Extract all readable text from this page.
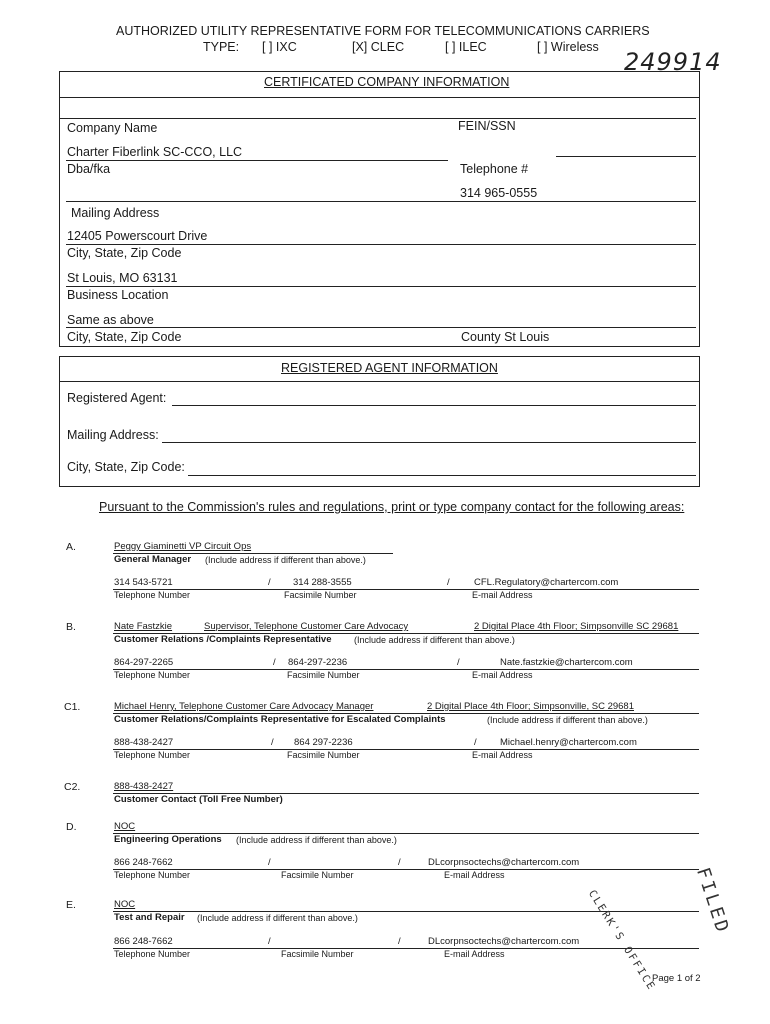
AUTHORIZED UTILITY REPRESENTATIVE FORM FOR TELECOMMUNICATIONS CARRIERS
TYPE: [ ] IXC	[X] CLEC	[ ] ILEC	[ ] Wireless
249914
CERTIFICATED COMPANY INFORMATION
Company Name	FEIN/SSN
Charter Fiberlink SC-CCO, LLC
Dba/fka	Telephone #
314 965-0555
Mailing Address
12405 Powerscourt Drive
City, State, Zip Code
St Louis, MO 63131
Business Location
Same as above
City, State, Zip Code	County St Louis
REGISTERED AGENT INFORMATION
Registered Agent:
Mailing Address:
City, State, Zip Code:
Pursuant to the Commission's rules and regulations, print or type company contact for the following areas:
A.	Peggy Giaminetti VP Circuit Ops
General Manager (Include address if different than above.)
314 543-5721	/ 314 288-3555	/	CFL.Regulatory@chartercom.com
Telephone Number	Facsimile Number	E-mail Address
B.	Nate Fastzkie	Supervisor, Telephone Customer Care Advocacy	2 Digital Place 4th Floor; Simpsonville SC 29681
Customer Relations /Complaints Representative	(Include address if different than above.)
864-297-2265	/ 864-297-2236	/	Nate.fastzkie@chartercom.com
Telephone Number	Facsimile Number	E-mail Address
C1.	Michael Henry, Telephone Customer Care Advocacy Manager	2 Digital Place 4th Floor; Simpsonville, SC 29681
Customer Relations/Complaints Representative for Escalated Complaints	(Include address if different than above.)
888-438-2427	/ 864 297-2236	/ Michael.henry@chartercom.com
Telephone Number	Facsimile Number	E-mail Address
C2.	888-438-2427
Customer Contact (Toll Free Number)
D.	NOC
Engineering Operations (Include address if different than above.)
866 248-7662	/	/	DLcorpnsoctechs@chartercom.com
Telephone Number	Facsimile Number	E-mail Address
E.	NOC
Test and Repair (Include address if different than above.)
866 248-7662	/	/	DLcorpnsoctechs@chartercom.com
Telephone Number	Facsimile Number	E-mail Address	CLERK'S OFFICE FILED
Page 1 of 2
